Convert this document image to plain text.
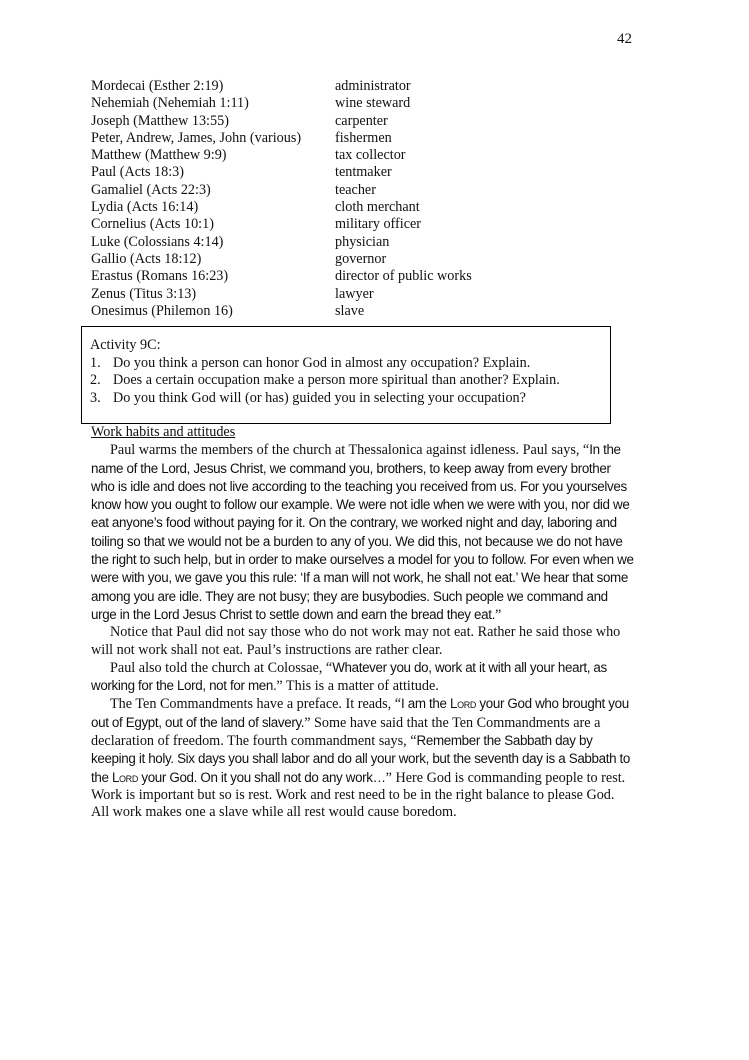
42
Mordecai (Esther 2:19)	administrator
Nehemiah (Nehemiah 1:11)	wine steward
Joseph (Matthew 13:55)	carpenter
Peter, Andrew, James, John (various)	fishermen
Matthew (Matthew 9:9)	tax collector
Paul (Acts 18:3)	tentmaker
Gamaliel (Acts 22:3)	teacher
Lydia (Acts 16:14)	cloth merchant
Cornelius (Acts 10:1)	military officer
Luke (Colossians 4:14)	physician
Gallio (Acts 18:12)	governor
Erastus (Romans 16:23)	director of public works
Zenus (Titus 3:13)	lawyer
Onesimus (Philemon 16)	slave
Activity 9C:
1. Do you think a person can honor God in almost any occupation? Explain.
2. Does a certain occupation make a person more spiritual than another? Explain.
3. Do you think God will (or has) guided you in selecting your occupation?
Work habits and attitudes

Paul warms the members of the church at Thessalonica against idleness. Paul says, “In the name of the Lord, Jesus Christ, we command you, brothers, to keep away from every brother who is idle and does not live according to the teaching you received from us. For you yourselves know how you ought to follow our example. We were not idle when we were with you, nor did we eat anyone’s food without paying for it. On the contrary, we worked night and day, laboring and toiling so that we would not be a burden to any of you. We did this, not because we do not have the right to such help, but in order to make ourselves a model for you to follow. For even when we were with you, we gave you this rule: ‘If a man will not work, he shall not eat.’ We hear that some among you are idle. They are not busy; they are busybodies. Such people we command and urge in the Lord Jesus Christ to settle down and earn the bread they eat.”

Notice that Paul did not say those who do not work may not eat. Rather he said those who will not work shall not eat. Paul’s instructions are rather clear.

Paul also told the church at Colossae, “Whatever you do, work at it with all your heart, as working for the Lord, not for men.” This is a matter of attitude.

The Ten Commandments have a preface. It reads, “I am the Lord your God who brought you out of Egypt, out of the land of slavery.” Some have said that the Ten Commandments are a declaration of freedom. The fourth commandment says, “Remember the Sabbath day by keeping it holy. Six days you shall labor and do all your work, but the seventh day is a Sabbath to the Lord your God. On it you shall not do any work…” Here God is commanding people to rest. Work is important but so is rest. Work and rest need to be in the right balance to please God. All work makes one a slave while all rest would cause boredom.
